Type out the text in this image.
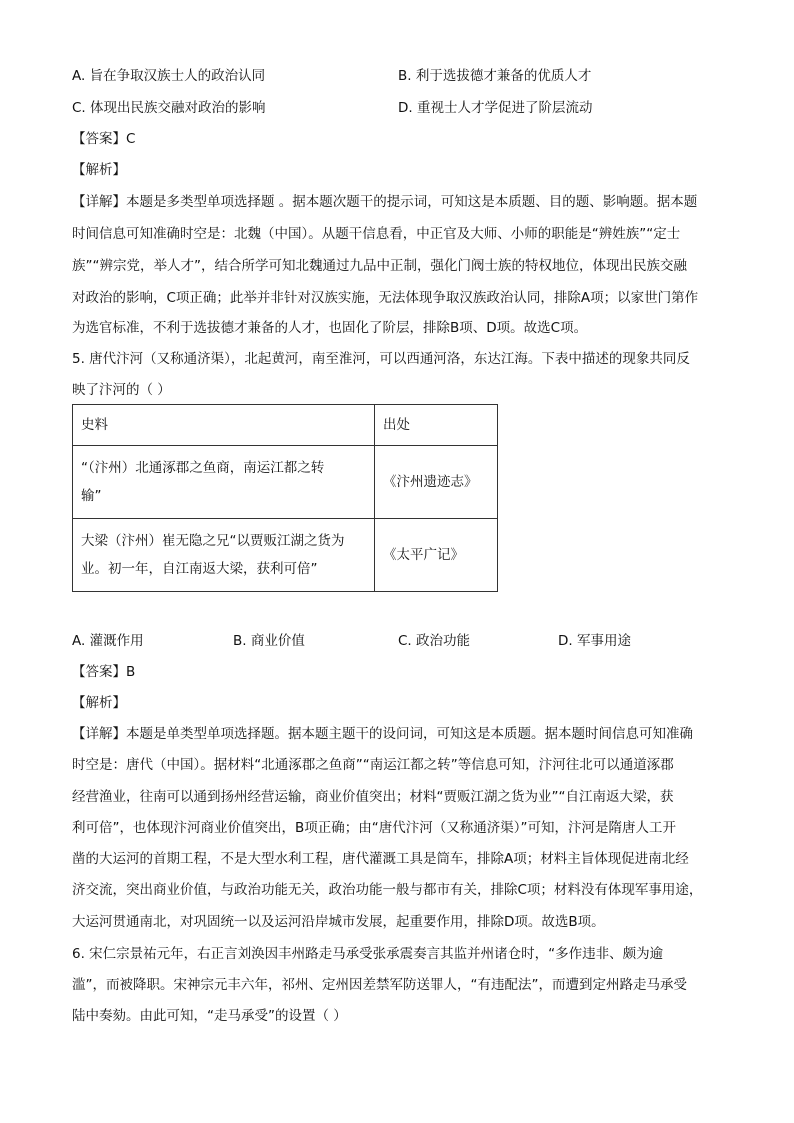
A. 旨在争取汉族士人的政治认同	B. 利于选拔德才兼备的优质人才
C. 体现出民族交融对政治的影响	D. 重视士人才学促进了阶层流动
【答案】C
【解析】
【详解】本题是多类型单项选择题 。据本题次题干的提示词，可知这是本质题、目的题、影响题。据本题
时间信息可知准确时空是：北魏（中国）。从题干信息看，中正官及大师、小师的职能是“辨姓族”“定士
族”“辨宗党，举人才”，结合所学可知北魏通过九品中正制，强化门阀士族的特权地位，体现出民族交融
对政治的影响，C项正确；此举并非针对汉族实施，无法体现争取汉族政治认同，排除A项；以家世门第作
为选官标准，不利于选拔德才兼备的人才，也固化了阶层，排除B项、D项。故选C项。
5. 唐代汴河（又称通济渠），北起黄河，南至淮河，可以西通河洛，东达江海。下表中描述的现象共同反
映了汴河的（ ）
史料	出处

“（汴州）北通涿郡之鱼商，南运江都之转
输”	《汴州遗迹志》

大梁（汴州）崔无隐之兄“以贾贩江湖之货为
业。初一年，自江南返大梁，获利可倍”	《太平广记》
A. 灌溉作用	B. 商业价值	C. 政治功能	D. 军事用途
【答案】B
【解析】
【详解】本题是单类型单项选择题。据本题主题干的设问词，可知这是本质题。据本题时间信息可知准确
时空是：唐代（中国）。据材料“北通涿郡之鱼商”“南运江都之转”等信息可知，汴河往北可以通道涿郡
经营渔业，往南可以通到扬州经营运输，商业价值突出；材料“贾贩江湖之货为业”“自江南返大梁，获
利可倍”，也体现汴河商业价值突出，B项正确；由“唐代汴河（又称通济渠）”可知，汴河是隋唐人工开
凿的大运河的首期工程，不是大型水利工程，唐代灌溉工具是筒车，排除A项；材料主旨体现促进南北经
济交流，突出商业价值，与政治功能无关，政治功能一般与都市有关，排除C项；材料没有体现军事用途，
大运河贯通南北，对巩固统一以及运河沿岸城市发展，起重要作用，排除D项。故选B项。
6. 宋仁宗景祐元年，右正言刘涣因丰州路走马承受张承震奏言其监并州诸仓时，“多作违非、颇为逾
滥”，而被降职。宋神宗元丰六年，祁州、定州因差禁军防送罪人，“有违配法”，而遭到定州路走马承受
陆中奏劾。由此可知，“走马承受”的设置（ ）
